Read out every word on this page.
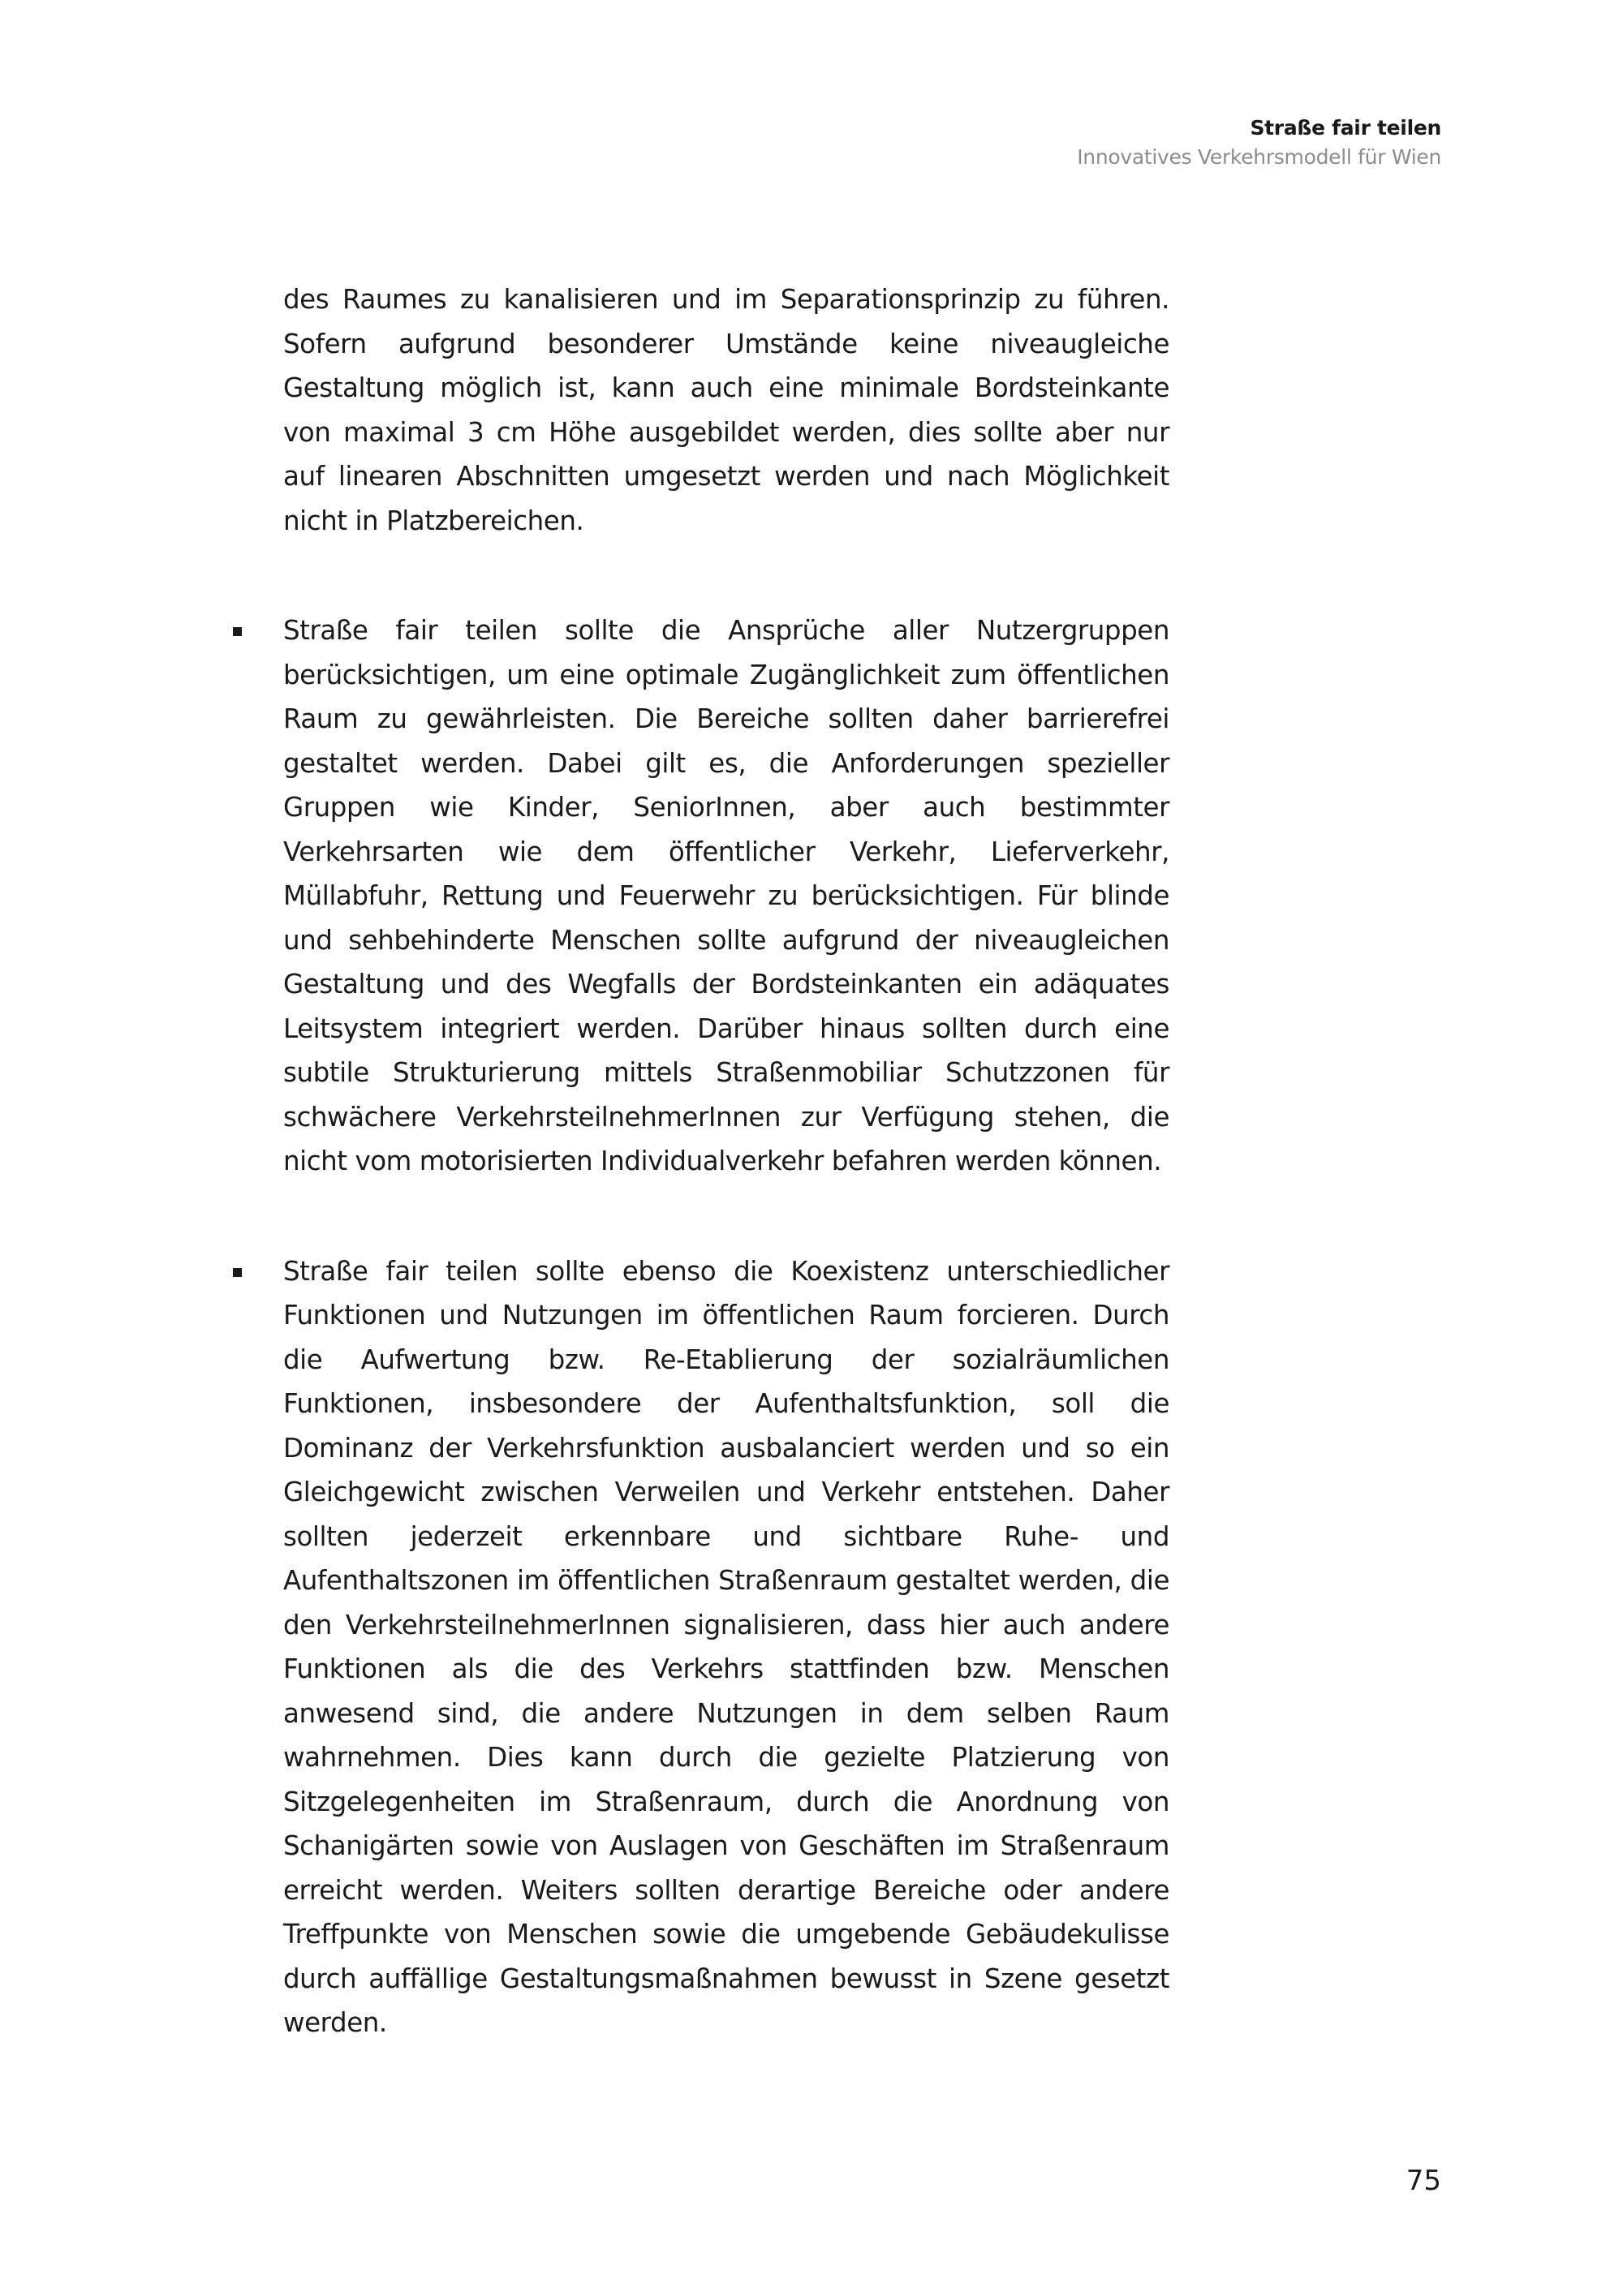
Straße fair teilen
Innovatives Verkehrsmodell für Wien

des Raumes zu kanalisieren und im Separationsprinzip zu führen. Sofern aufgrund besonderer Umstände keine niveaugleiche Gestaltung möglich ist, kann auch eine minimale Bordsteinkante von maximal 3 cm Höhe ausgebildet werden, dies sollte aber nur auf linearen Abschnitten umgesetzt werden und nach Möglichkeit nicht in Platzbereichen.

Straße fair teilen sollte die Ansprüche aller Nutzergruppen berücksichtigen, um eine optimale Zugänglichkeit zum öffentlichen Raum zu gewährleisten. Die Bereiche sollten daher barrierefrei gestaltet werden. Dabei gilt es, die Anforderungen spezieller Gruppen wie Kinder, SeniorInnen, aber auch bestimmter Verkehrsarten wie dem öffentlicher Verkehr, Lieferverkehr, Müllabfuhr, Rettung und Feuerwehr zu berücksichtigen. Für blinde und sehbehinderte Menschen sollte aufgrund der niveaugleichen Gestaltung und des Wegfalls der Bordsteinkanten ein adäquates Leitsystem integriert werden. Darüber hinaus sollten durch eine subtile Strukturierung mittels Straßenmobiliar Schutzzonen für schwächere VerkehrsteilnehmerInnen zur Verfügung stehen, die nicht vom motorisierten Individualverkehr befahren werden können.

Straße fair teilen sollte ebenso die Koexistenz unterschiedlicher Funktionen und Nutzungen im öffentlichen Raum forcieren. Durch die Aufwertung bzw. Re-Etablierung der sozialräumlichen Funktionen, insbesondere der Aufenthaltsfunktion, soll die Dominanz der Verkehrsfunktion ausbalanciert werden und so ein Gleichgewicht zwischen Verweilen und Verkehr entstehen. Daher sollten jederzeit erkennbare und sichtbare Ruhe- und Aufenthaltszonen im öffentlichen Straßenraum gestaltet werden, die den VerkehrsteilnehmerInnen signalisieren, dass hier auch andere Funktionen als die des Verkehrs stattfinden bzw. Menschen anwesend sind, die andere Nutzungen in dem selben Raum wahrnehmen. Dies kann durch die gezielte Platzierung von Sitzgelegenheiten im Straßenraum, durch die Anordnung von Schanigärten sowie von Auslagen von Geschäften im Straßenraum erreicht werden. Weiters sollten derartige Bereiche oder andere Treffpunkte von Menschen sowie die umgebende Gebäudekulisse durch auffällige Gestaltungsmaßnahmen bewusst in Szene gesetzt werden.

75
